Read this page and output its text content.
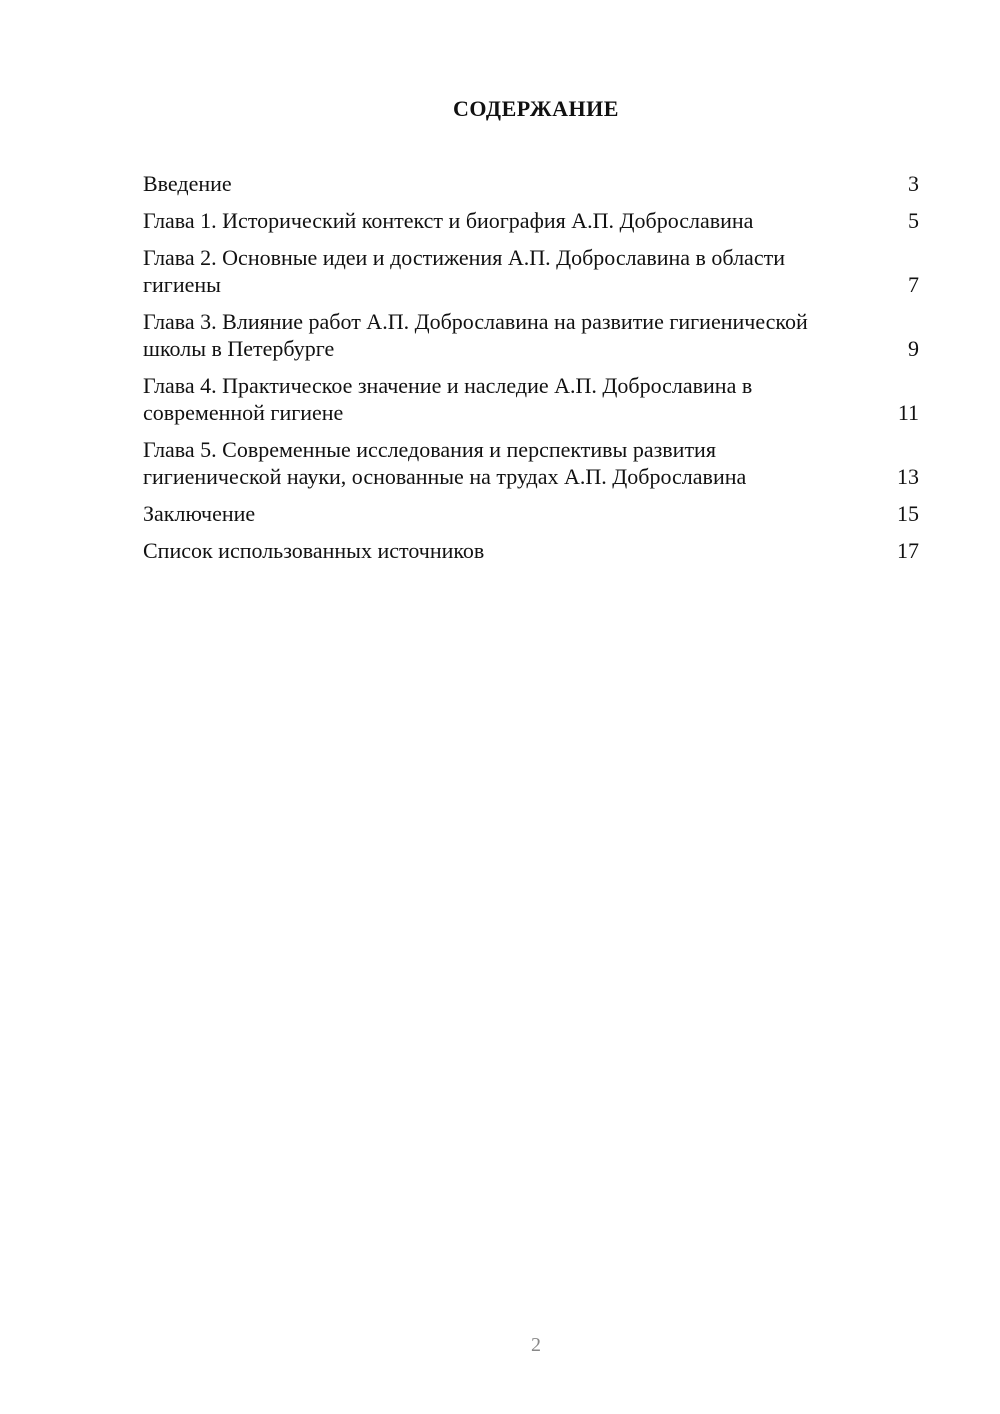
СОДЕРЖАНИЕ
Введение	3
Глава 1. Исторический контекст и биография А.П. Доброславина	5
Глава 2. Основные идеи и достижения А.П. Доброславина в области гигиены	7
Глава 3. Влияние работ А.П. Доброславина на развитие гигиенической школы в Петербурге	9
Глава 4. Практическое значение и наследие А.П. Доброславина в современной гигиене	11
Глава 5. Современные исследования и перспективы развития гигиенической науки, основанные на трудах А.П. Доброславина	13
Заключение	15
Список использованных источников	17
2
